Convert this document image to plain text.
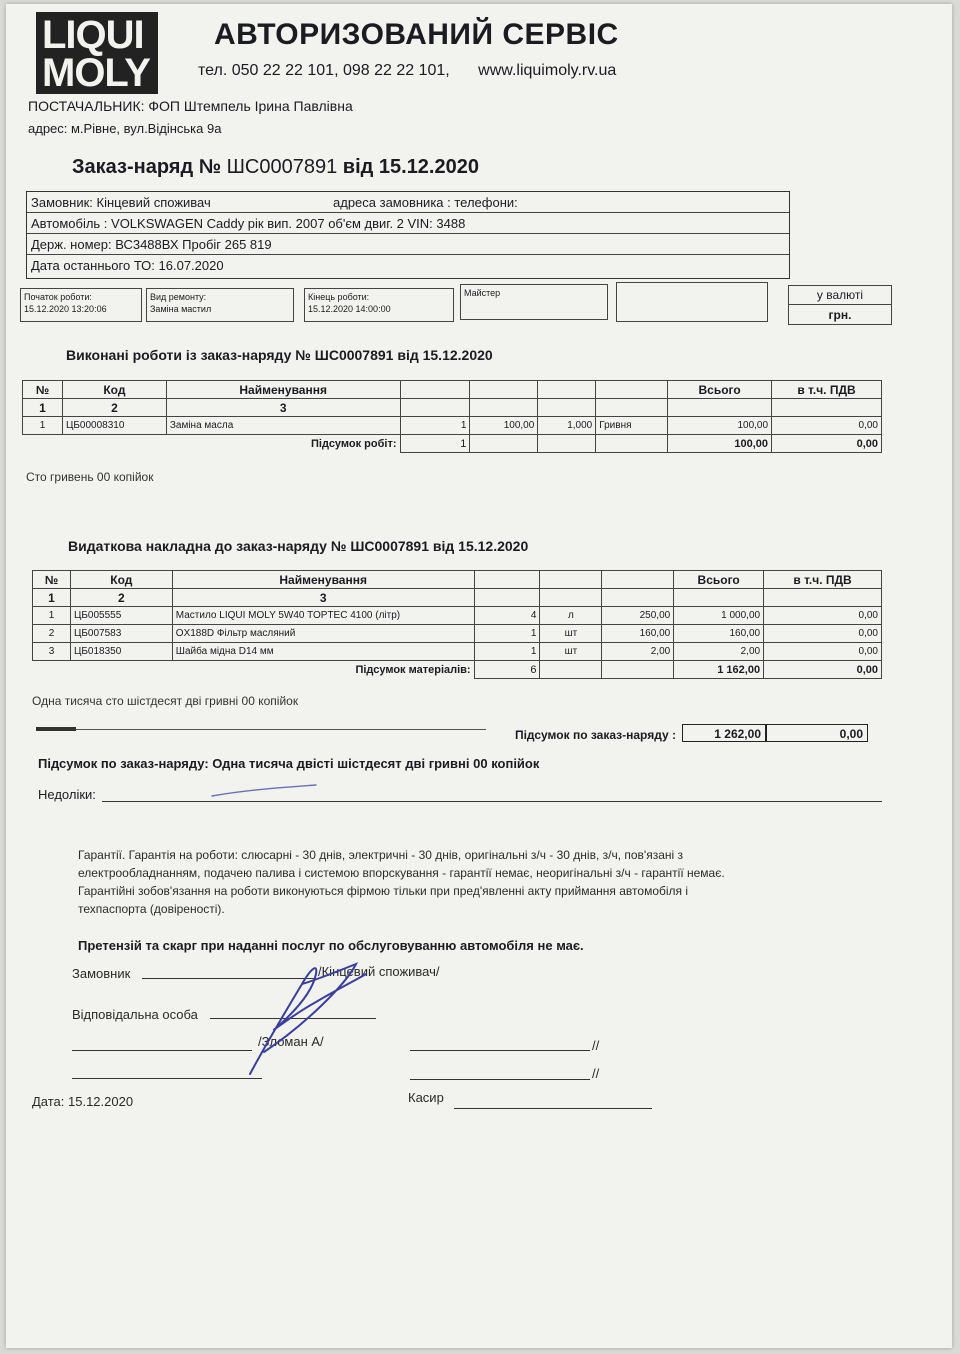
LIQUI
MOLY
АВТОРИЗОВАНИЙ СЕРВІС
тел. 050 22 22 101, 098 22 22 101, www.liquimoly.rv.ua
ПОСТАЧАЛЬНИК: ФОП Штемпель Ірина Павлівна
адрес: м.Рівне, вул.Відінська 9а
Заказ-наряд № ШС0007891 від 15.12.2020
Замовник: Кінцевий споживач	адреса замовника : телефони:
Автомобіль : VOLKSWAGEN Caddy рік вип. 2007 об'єм двиг. 2 VIN: 3488
Держ. номер: ВС3488ВХ Пробіг 265 819
Дата останнього ТО: 16.07.2020
Початок роботи:
15.12.2020 13:20:06
Вид ремонту:
Заміна мастил
Кінець роботи:
15.12.2020 14:00:00
Майстер	у валюті
грн.
Виконані роботи із заказ-наряду № ШС0007891 від 15.12.2020
№	Код	Найменування					Всього	в т.ч. ПДВ
1	2	3						
1	ЦБ00008310	Заміна масла	1	100,00	1,000	Гривня	100,00	0,00
		Підсумок робіт:	1				100,00	0,00
Сто гривень 00 копійок
Видаткова накладна до заказ-наряду № ШС0007891 від 15.12.2020
№	Код	Найменування				Всього	в т.ч. ПДВ
1	2	3					
1	ЦБ005555	Мастило LIQUI MOLY 5W40 TOPTEC 4100 (літр)	4	л	250,00	1 000,00	0,00
2	ЦБ007583	OX188D Фільтр масляний	1	шт	160,00	160,00	0,00
3	ЦБ018350	Шайба мідна D14 мм	1	шт	2,00	2,00	0,00
		Підсумок матеріалів:	6			1 162,00	0,00
Одна тисяча сто шістдесят дві гривні 00 копійок
Підсумок по заказ-наряду :	1 262,00	0,00
Підсумок по заказ-наряду: Одна тисяча двісті шістдесят дві гривні 00 копійок
Недоліки:
Гарантії. Гарантія на роботи: слюсарні - 30 днів, электричні - 30 днів, оригінальні з/ч - 30 днів, з/ч, пов'язані з
електрообладнанням, подачею палива і системою впорскування - гарантії немає, неоригінальні з/ч - гарантії немає.
Гарантійні зобов'язання на роботи виконуються фірмою тільки при пред'явленні акту приймання автомобіля і
техпаспорта (довіреності).
Претензій та скарг при наданні послуг по обслуговуванню автомобіля не має.
Замовник	/Кінцевий споживач/
Відповідальна особа
/Зломан А/	//
//
Дата: 15.12.2020	Касир
